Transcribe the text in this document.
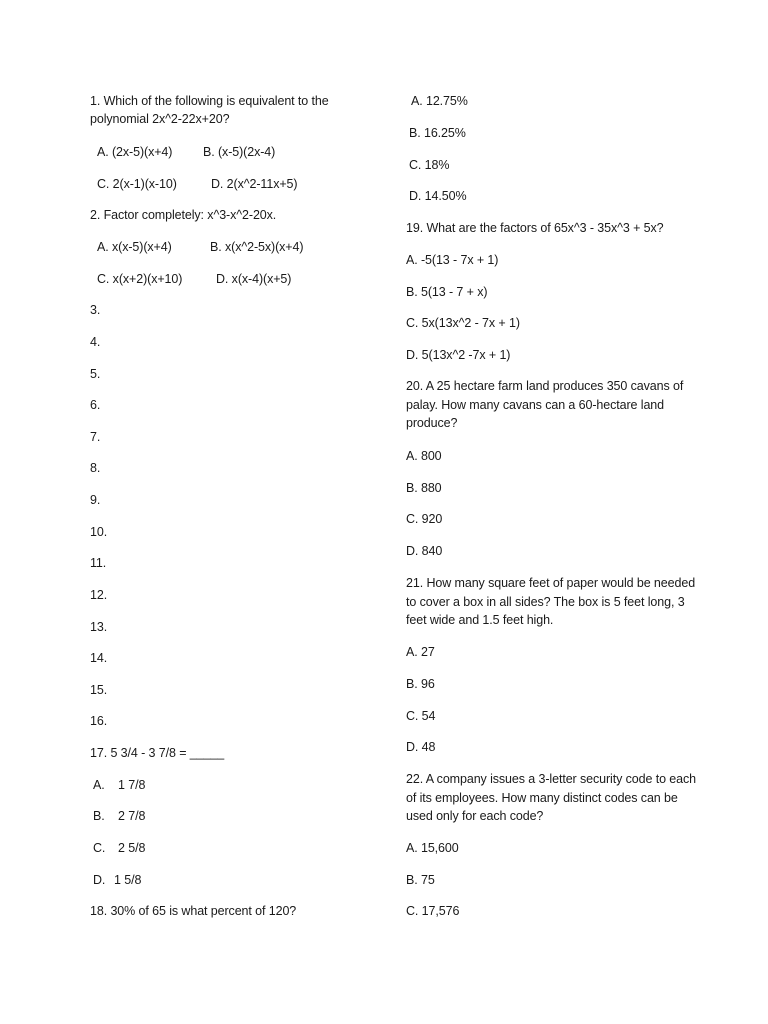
1. Which of the following is equivalent to the
polynomial 2x^2-22x+20?
A. (2x-5)(x+4) B. (x-5)(2x-4)
C. 2(x-1)(x-10)	D. 2(x^2-11x+5)
2. Factor completely: x^3-x^2-20x.
A. x(x-5)(x+4)	B. x(x^2-5x)(x+4)
C. x(x+2)(x+10)	D. x(x-4)(x+5)
3.
4.
5.
6.
7.
8.
9.
10.
11.
12.
13.
14.
15.
16.
17. 5 3/4 - 3 7/8 = _____
A. 1 7/8
B. 2 7/8
C. 2 5/8
D. 1 5/8
18. 30% of 65 is what percent of 120?
A. 12.75%
B. 16.25%
C. 18%
D. 14.50%
19. What are the factors of 65x^3 - 35x^3 + 5x?
A. -5(13 - 7x + 1)
B. 5(13 - 7 + x)
C. 5x(13x^2 - 7x + 1)
D. 5(13x^2 -7x + 1)
20. A 25 hectare farm land produces 350 cavans of
palay. How many cavans can a 60-hectare land
produce?
A. 800
B. 880
C. 920
D. 840
21. How many square feet of paper would be needed
to cover a box in all sides? The box is 5 feet long, 3
feet wide and 1.5 feet high.
A. 27
B. 96
C. 54
D. 48
22. A company issues a 3-letter security code to each
of its employees. How many distinct codes can be
used only for each code?
A. 15,600
B. 75
C. 17,576
